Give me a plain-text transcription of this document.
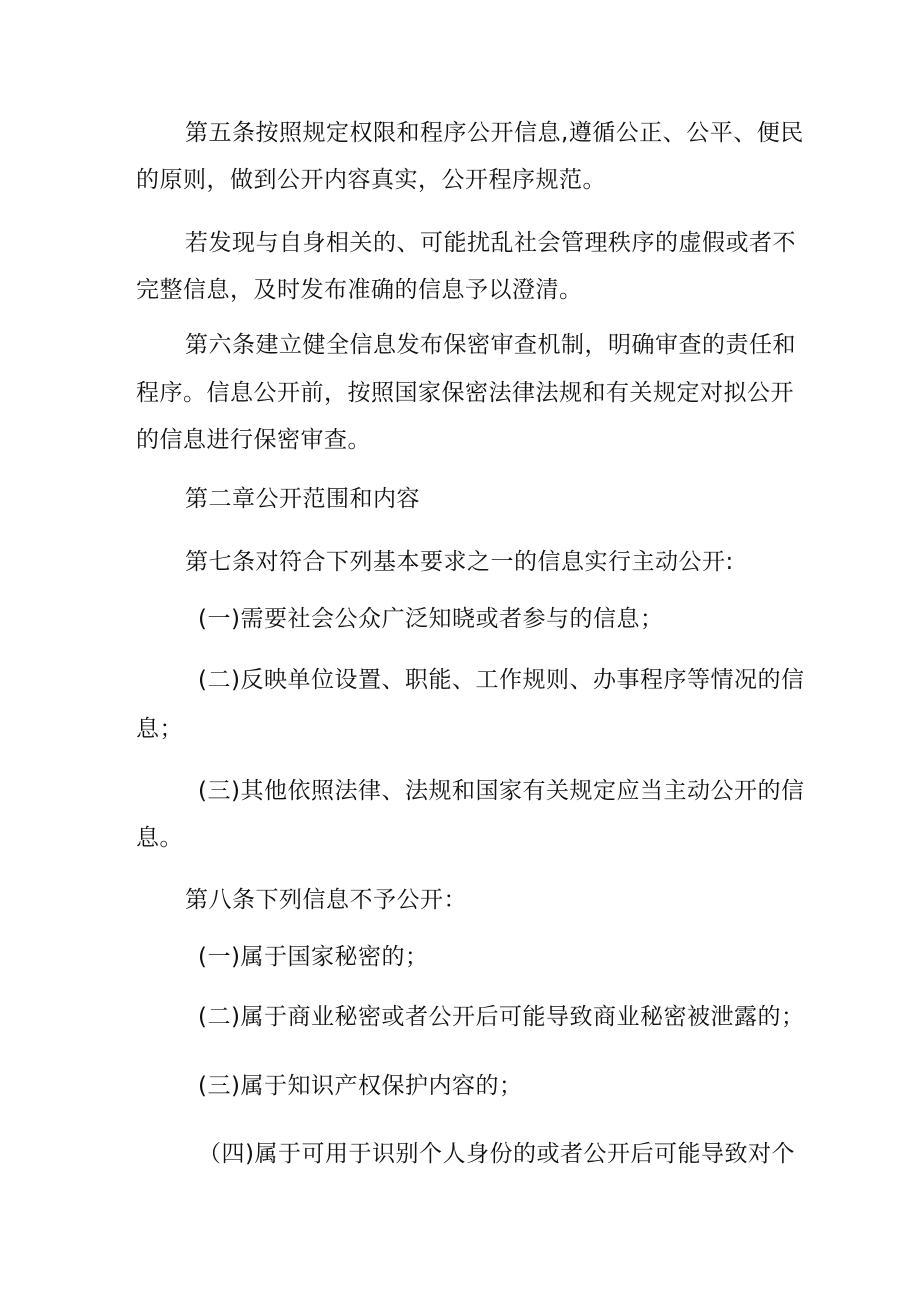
第五条按照规定权限和程序公开信息,遵循公正、公平、便民
的原则，做到公开内容真实，公开程序规范。
若发现与自身相关的、可能扰乱社会管理秩序的虚假或者不
完整信息，及时发布准确的信息予以澄清。
第六条建立健全信息发布保密审查机制，明确审查的责任和
程序。信息公开前，按照国家保密法律法规和有关规定对拟公开
的信息进行保密审查。
第二章公开范围和内容
第七条对符合下列基本要求之一的信息实行主动公开:
(一)需要社会公众广泛知晓或者参与的信息；
(二)反映单位设置、职能、工作规则、办事程序等情况的信
息；
(三)其他依照法律、法规和国家有关规定应当主动公开的信
息。
第八条下列信息不予公开：
(一)属于国家秘密的；
(二)属于商业秘密或者公开后可能导致商业秘密被泄露的；
(三)属于知识产权保护内容的；
（四)属于可用于识别个人身份的或者公开后可能导致对个
